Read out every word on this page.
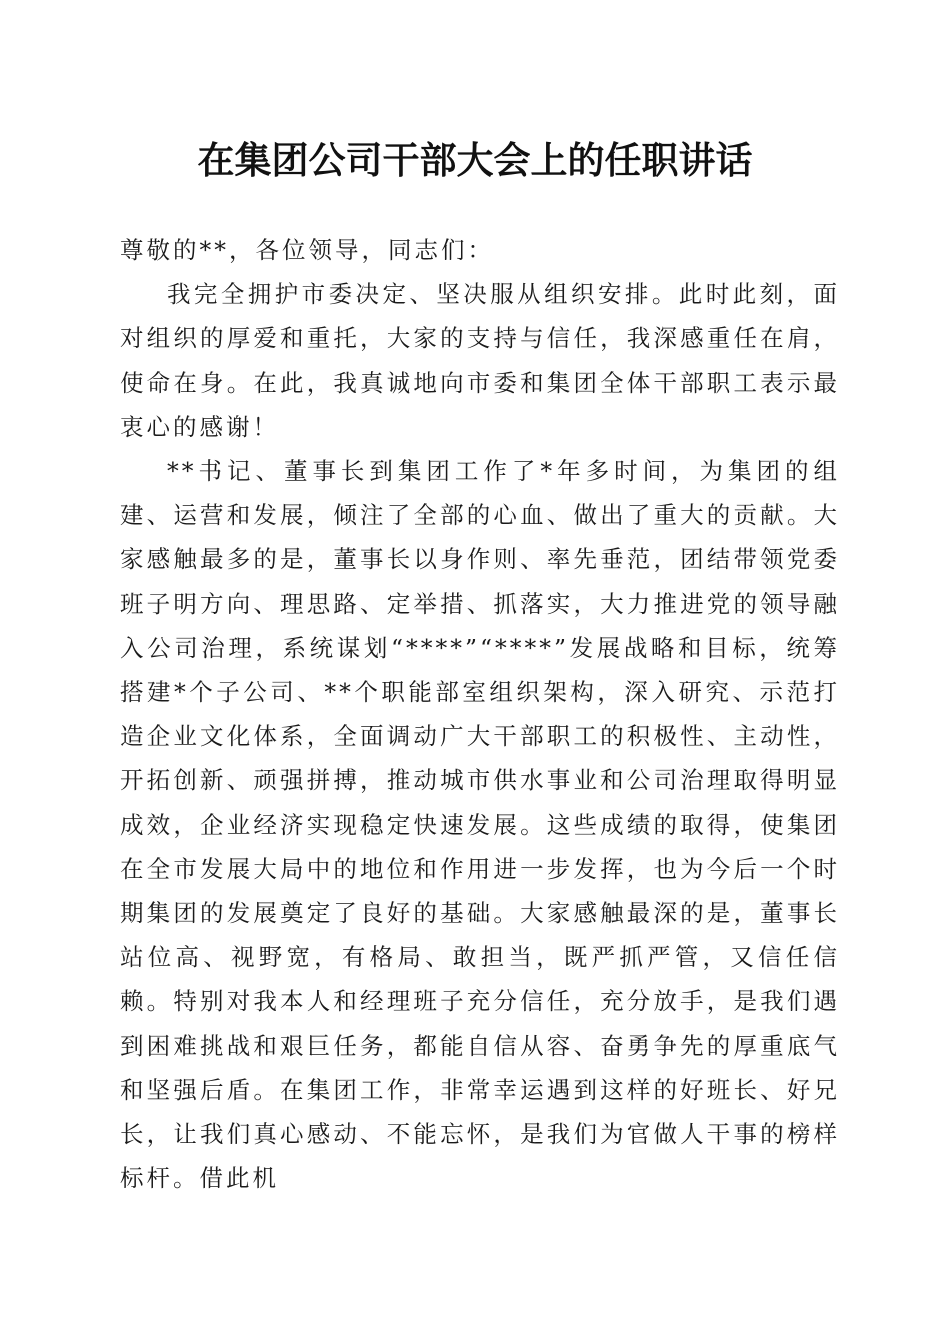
在集团公司干部大会上的任职讲话

尊敬的**，各位领导，同志们：

我完全拥护市委决定、坚决服从组织安排。此时此刻，面对组织的厚爱和重托，大家的支持与信任，我深感重任在肩，使命在身。在此，我真诚地向市委和集团全体干部职工表示最衷心的感谢！

**书记、董事长到集团工作了*年多时间，为集团的组建、运营和发展，倾注了全部的心血、做出了重大的贡献。大家感触最多的是，董事长以身作则、率先垂范，团结带领党委班子明方向、理思路、定举措、抓落实，大力推进党的领导融入公司治理，系统谋划“****”“****”发展战略和目标，统筹搭建*个子公司、**个职能部室组织架构，深入研究、示范打造企业文化体系，全面调动广大干部职工的积极性、主动性，开拓创新、顽强拼搏，推动城市供水事业和公司治理取得明显成效，企业经济实现稳定快速发展。这些成绩的取得，使集团在全市发展大局中的地位和作用进一步发挥，也为今后一个时期集团的发展奠定了良好的基础。大家感触最深的是，董事长站位高、视野宽，有格局、敢担当，既严抓严管，又信任信赖。特别对我本人和经理班子充分信任，充分放手，是我们遇到困难挑战和艰巨任务，都能自信从容、奋勇争先的厚重底气和坚强后盾。在集团工作，非常幸运遇到这样的好班长、好兄长，让我们真心感动、不能忘怀，是我们为官做人干事的榜样标杆。借此机
